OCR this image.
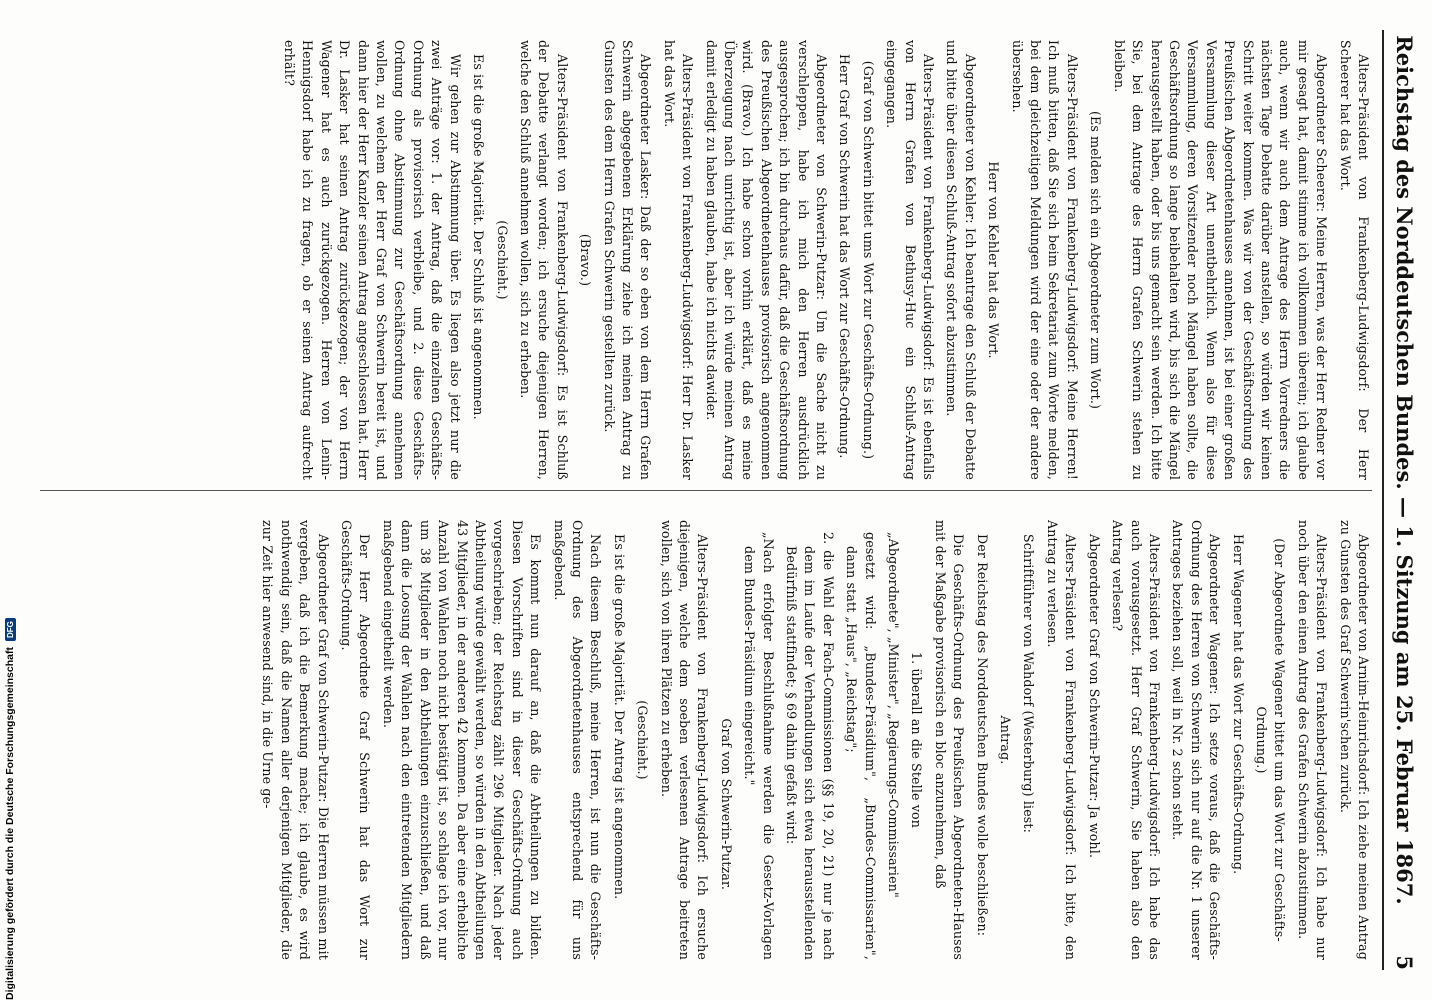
Reichstag des Norddeutschen Bundes. — 1. Sitzung am 25. Februar 1867.
5

Alters-Präsident von Frankenberg-Ludwigsdorf: Der Herr Scheerer hat das Wort.

Abgeordneter Scheerer: Meine Herren, was der Herr Redner vor mir gesagt hat, damit stimme ich vollkommen überein; ich glaube auch, wenn wir auch dem Antrage des Herrn Vorredners die nächsten Tage Debatte darüber anstellen, so würden wir keinen Schritt weiter kommen. Was wir von der Geschäftsordnung des Preußischen Abgeordnetenhauses annehmen, ist bei einer großen Versammlung dieser Art unentbehrlich. Wenn also für diese Versammlung, deren Vorsitzender noch Mängel haben sollte, die Geschäftsordnung so lange beibehalten wird, bis sich die Mängel herausgestellt haben, oder bis uns gemacht sein werden. Ich bitte Sie, bei dem Antrage des Herrn Grafen Schwerin stehen zu bleiben.

(Es melden sich ein Abgeordneter zum Wort.)

Alters-Präsident von Frankenberg-Ludwigsdorf: Meine Herren! Ich muß bitten, daß Sie sich beim Sekretariat zum Worte melden, bei dem gleichzeitigen Meldungen wird der eine oder der andere übersehen.

Herr von Kehler hat das Wort.

Abgeordneter von Kehler: Ich beantrage den Schluß der Debatte und bitte über diesen Schluß-Antrag sofort abzustimmen.

Alters-Präsident von Frankenberg-Ludwigsdorf: Es ist ebenfalls von Herrn Grafen von Bethusy-Huc ein Schluß-Antrag eingegangen.

(Graf von Schwerin bittet ums Wort zur Geschäfts-Ordnung.)

Herr Graf von Schwerin hat das Wort zur Geschäfts-Ordnung.

Abgeordneter von Schwerin-Putzar: Um die Sache nicht zu verschleppen, habe ich mich den Herren ausdrücklich ausgesprochen; ich bin durchaus dafür, daß die Geschäftsordnung des Preußischen Abgeordnetenhauses provisorisch angenommen wird. (Bravo.) Ich habe schon vorhin erklärt, daß es meine Überzeugung nach unrichtig ist, aber ich würde meinen Antrag damit erledigt zu haben glauben, habe ich nichts dawider.

Alters-Präsident von Frankenberg-Ludwigsdorf: Herr Dr. Lasker hat das Wort.

Abgeordneter Lasker: Daß der so eben von dem Herrn Grafen Schwerin abgegebenen Erklärung ziehe ich meinen Antrag zu Gunsten des dem Herrn Grafen Schwerin gestellten zurück.

(Bravo.)

Alters-Präsident von Frankenberg-Ludwigsdorf: Es ist Schluß der Debatte verlangt worden; ich ersuche diejenigen Herren, welche den Schluß annehmen wollen, sich zu erheben.

(Geschieht.)

Es ist die große Majorität. Der Schluß ist angenommen.

Wir gehen zur Abstimmung über. Es liegen also jetzt nur die zwei Anträge vor: 1. der Antrag, daß die einzelnen Geschäfts-Ordnung als provisorisch verbleibe, und 2. diese Geschäfts-Ordnung ohne Abstimmung zur Geschäftsordnung annehmen wollen, zu welchem der Herr Graf von Schwerin bereit ist, und dann hier der Herr Kanzler seinen Antrag angeschlossen hat. Herr Dr. Lasker hat seinen Antrag zurückgezogen; der von Herrn Wagener hat es auch zurückgezogen. Herren von Lenin-Hennigsdorf habe ich zu fragen, ob er seinen Antrag aufrecht erhält?

Abgeordneter von Arnim-Heinrichsdorf: Ich ziehe meinen Antrag zu Gunsten des Graf Schwerin'schen zurück.

Alters-Präsident von Frankenberg-Ludwigsdorf: Ich habe nur noch über den einen Antrag des Grafen Schwerin abzustimmen.

(Der Abgeordnete Wagener bittet um das Wort zur Geschäfts-Ordnung.)

Herr Wagener hat das Wort zur Geschäfts-Ordnung.

Abgeordneter Wagener: Ich setze voraus, daß die Geschäfts-Ordnung des Herren von Schwerin sich nur auf die Nr. 1 unserer Antrages beziehen soll, weil in Nr. 2 schon steht.

Alters-Präsident von Frankenberg-Ludwigsdorf: Ich habe das auch vorausgesetzt. Herr Graf Schwerin, Sie haben also den Antrag verlesen?

Abgeordneter Graf von Schwerin-Putzar: Ja wohl.

Alters-Präsident von Frankenberg-Ludwigsdorf: Ich bitte, den Antrag zu verlesen.

Schriftführer von Wahdorf (Westerburg) liest:

Antrag.

Der Reichstag des Norddeutschen Bundes wolle beschließen:

Die Geschäfts-Ordnung des Preußischen Abgeordneten-Hauses mit der Maßgabe provisorisch en bloc anzunehmen, daß

1. überall an die Stelle von

„Abgeordnete", „Minister", „Regierungs-Commissarien"

gesetzt wird: „Bundes-Präsidium", „Bundes-Commissarien", dann statt „Haus", „Reichstag";

2. die Wahl der Fach-Commissionen (§§ 19, 20, 21) nur je nach dem im Laufe der Verhandlungen sich etwa herausstellenden Bedürfniß stattfindet; § 69 dahin gefaßt wird:

„Nach erfolgter Beschlußnahme werden die Gesetz-Vorlagen dem Bundes-Präsidium eingereicht."

Graf von Schwerin-Putzar.

Alters-Präsident von Frankenberg-Ludwigsdorf: Ich ersuche diejenigen, welche dem soeben verlesenen Antrage beitreten wollen, sich von ihren Plätzen zu erheben.

(Geschieht.)

Es ist die große Majorität. Der Antrag ist angenommen.

Nach diesem Beschluß, meine Herren, ist nun die Geschäfts-Ordnung des Abgeordnetenhauses entsprechend für uns maßgebend.

Es kommt nun darauf an, daß die Abtheilungen zu bilden. Diesen Vorschriften sind in dieser Geschäfts-Ordnung auch vorgeschrieben; der Reichstag zählt 296 Mitglieder. Nach jeder Abtheilung würde gewählt werden, so würden in den Abtheilungen 43 Mitglieder, in der anderen 42 kommen. Da aber eine erhebliche Anzahl von Wahlen noch nicht bestätigt ist, so schlage ich vor, nur um 38 Mitglieder in den Abtheilungen einzuschließen, und daß dann die Loosung der Wahlen nach den eintretenden Mitgliedern maßgebend eingetheilt werden.

Der Herr Abgeordnete Graf Schwerin hat das Wort zur Geschäfts-Ordnung.

Abgeordneter Graf von Schwerin-Putzar: Die Herren müssen mit vergeben, daß ich die Bemerkung mache; ich glaube, es wird nothwendig sein, daß die Namen aller derjenigen Mitglieder, die zur Zeit hier anwesend sind, in die Urne ge-

Digitalisierung gefördert durch die Deutsche Forschungsgemeinschaft
DFG
